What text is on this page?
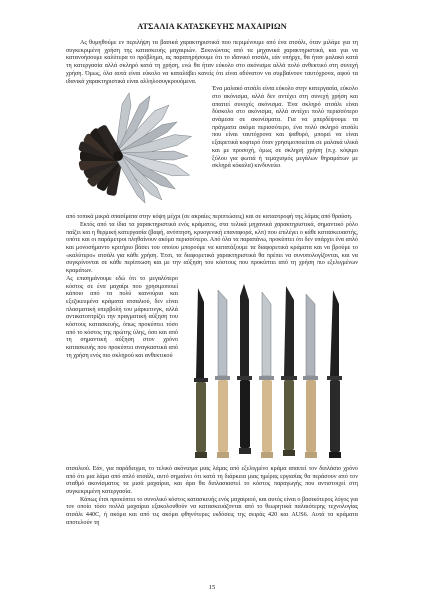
ΑΤΣΑΛΙΑ ΚΑΤΑΣΚΕΥΗΣ ΜΑΧΑΙΡΙΩΝ

Ας θυμηθούμε εν περιλήψη τα βασικά χαρακτηριστικά που περιμένουμε από ένα ατσάλι, όταν μιλάμε για τη συγκεκριμένη χρήση της κατασκευής μαχαιριών. Ξεκινώντας από τα μηχανικά χαρακτηριστικά, και για να κατανοήσουμε καλύτερα το πρόβλημα, ας παρατηρήσουμε ότι το ιδανικό ατσάλι, εάν υπήρχε, θα ήταν μαλακό κατά τη κατεργασία αλλά σκληρό κατά τη χρήση, ενώ θα ήταν εύκολο στο ακόνισμα αλλά πολύ ανθεκτικό στη συνεχή χρήση. Όμως, όλα αυτά είναι εύκολο να καταλάβει κανείς ότι είναι αδύνατον να συμβαίνουν ταυτόχρονα, αφού τα ιδανικά χαρακτηριστικά είναι αλληλοσυγκρουόμενα.

Ένα μαλακό ατσάλι είναι εύκολο στην κατεργασία, εύκολο στο ακόνισμα, αλλά δεν αντέχει στη συνεχή χρήση και απαιτεί συνεχές ακόνισμα. Ένα σκληρό ατσάλι είναι δύσκολο στο ακόνισμα, αλλά αντέχει πολύ περισσότερο ανάμεσα σε ακονίσματα. Για να μπερδέψουμε τα πράγματα ακόμα περισσότερο, ένα πολύ σκληρό ατσάλι που είναι ταυτόχρονα και ψαθυρό, μπορεί να είναι εξαιρετικά κοφτερό όταν χρησιμοποιείται σε μαλακά υλικά και με προσοχή, όμως σε σκληρή χρήση (π.χ. κόψιμο ξύλου για φωτιά ή τεμαχισμός μεγάλων θηραμάτων με σκληρά κόκαλα) κινδυνεύει

από τοπικά μικρά σπασίματα στην κόψη μέχρι (σε ακραίες περιπτώσεις) και σε καταστροφή της λάμας από θραύση.

Εκτός από τα ίδια τα χαρακτηριστικά ενός κράματος, στα τελικά μηχανικά χαρακτηριστικά, σημαντικό ρόλο παίζει και η θερμική κατεργασία (βαφή, ανόπτηση, κρυογενική επαναφορά, κλπ) που επιλέγει ο κάθε κατασκευαστής, οπότε και οι παράμετροι πληθαίνουν ακόμα περισσότερο. Από όλα τα παραπάνω, προκύπτει ότι δεν υπάρχει ένα απλό και μονοσήμαντο κριτήριο βάσει του οποίου μπορούμε να κατατάξουμε τα διαφορετικά κράματα και να βρούμε το «καλύτερο» ατσάλι για κάθε χρήση. Έτσι, τα διαφορετικά χαρακτηριστικά θα πρέπει να συνυπολογίζονται, και να συγκρίνονται σε κάθε περίπτωση και με την αύξηση του κόστους που προκύπτει από τη χρήση πιο εξελιγμένων κραμάτων.

Ας επισημάνουμε εδώ ότι το μεγαλύτερο κόστος σε ένα μαχαίρι που χρησιμοποιεί κάποιο από τα πολύ καινούρια και εξεζικευμένα κράματα ατσαλιού, δεν είναι πλασματική υπερβολή του μάρκετινγκ, αλλά αντικατοπτρίζει την πραγματική αύξηση του κόστους κατασκευής, όπως προκύπτει τόσο από το κόστος της πρώτης ύλης, όσο και από τη σημαντική αύξηση στον χρόνο κατασκευής που προκύπτει αναγκαστικά από τη χρήση ενός πιο σκληρού και ανθεκτικού

ατσαλιού. Εάν, για παράδειγμα, το τελικό ακόνισμα μιας λάμας από εξελιγμένο κράμα απαιτεί τον διπλάσιο χρόνο από ότι μια λάμα από απλό ατσάλι, αυτό σημαίνει ότι κατά τη διάρκεια μιας ημέρας εργασίας θα περάσουν από τον σταθμό ακονίσματος τα μισά μαχαίρια, και άρα θα διπλασιαστεί το κόστος παραγωγής που αντιστοιχεί στη συγκεκριμένη κατεργασία.

Κάπως έτσι προκύπτει το συνολικό κόστος κατασκευής ενός μαχαιριού, και αυτός είναι ο βασικότερος λόγος για τον οποίο τόσο πολλά μαχαίρια εξακολουθούν να κατασκευάζονται από το θεωρητικά παλαιότερης τεχνολογίας ατσάλι 440C, ή ακόμα και από τις ακόμα φθηνότερες εκδόσεις της σειράς 420 και AUS6. Αυτά τα κράματα αποτελούν τη

15
